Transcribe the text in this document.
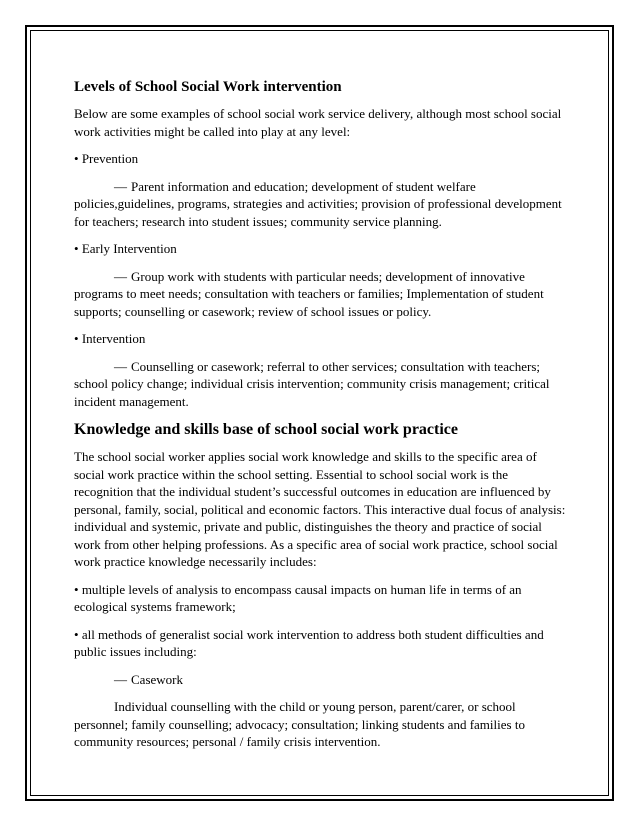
Levels of School Social Work intervention

Below are some examples of school social work service delivery, although most school social work activities might be called into play at any level:

• Prevention

— Parent information and education; development of student welfare policies,guidelines, programs, strategies and activities; provision of professional development for teachers; research into student issues; community service planning.

• Early Intervention

— Group work with students with particular needs; development of innovative programs to meet needs; consultation with teachers or families; Implementation of student supports; counselling or casework; review of school issues or policy.

• Intervention

— Counselling or casework; referral to other services; consultation with teachers; school policy change; individual crisis intervention; community crisis management; critical incident management.

Knowledge and skills base of school social work practice

The school social worker applies social work knowledge and skills to the specific area of social work practice within the school setting. Essential to school social work is the recognition that the individual student’s successful outcomes in education are influenced by personal, family, social, political and economic factors. This interactive dual focus of analysis: individual and systemic, private and public, distinguishes the theory and practice of social work from other helping professions. As a specific area of social work practice, school social work practice knowledge necessarily includes:

• multiple levels of analysis to encompass causal impacts on human life in terms of an ecological systems framework;

• all methods of generalist social work intervention to address both student difficulties and public issues including:

— Casework

Individual counselling with the child or young person, parent/carer, or school personnel; family counselling; advocacy; consultation; linking students and families to community resources; personal / family crisis intervention.
